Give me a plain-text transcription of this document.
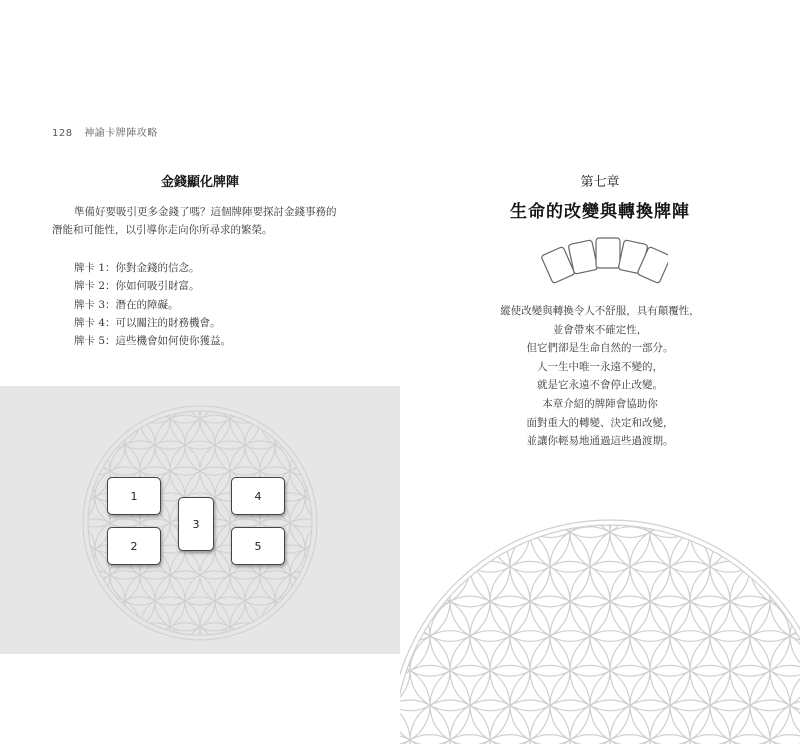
128 神諭卡牌陣攻略
金錢顯化牌陣

準備好要吸引更多金錢了嗎？這個牌陣要探討金錢事務的

潛能和可能性，以引導你走向你所尋求的繁榮。

牌卡 1：你對金錢的信念。
牌卡 2：你如何吸引財富。
牌卡 3：潛在的障礙。
牌卡 4：可以關注的財務機會。
牌卡 5：這些機會如何使你獲益。
1
2
3
4
5
第七章
生命的改變與轉換牌陣

縱使改變與轉換令人不舒服，具有顛覆性，

並會帶來不確定性，

但它們卻是生命自然的一部分。

人一生中唯一永遠不變的，

就是它永遠不會停止改變。

本章介紹的牌陣會協助你

面對重大的轉變、決定和改變，

並讓你輕易地通過這些過渡期。
